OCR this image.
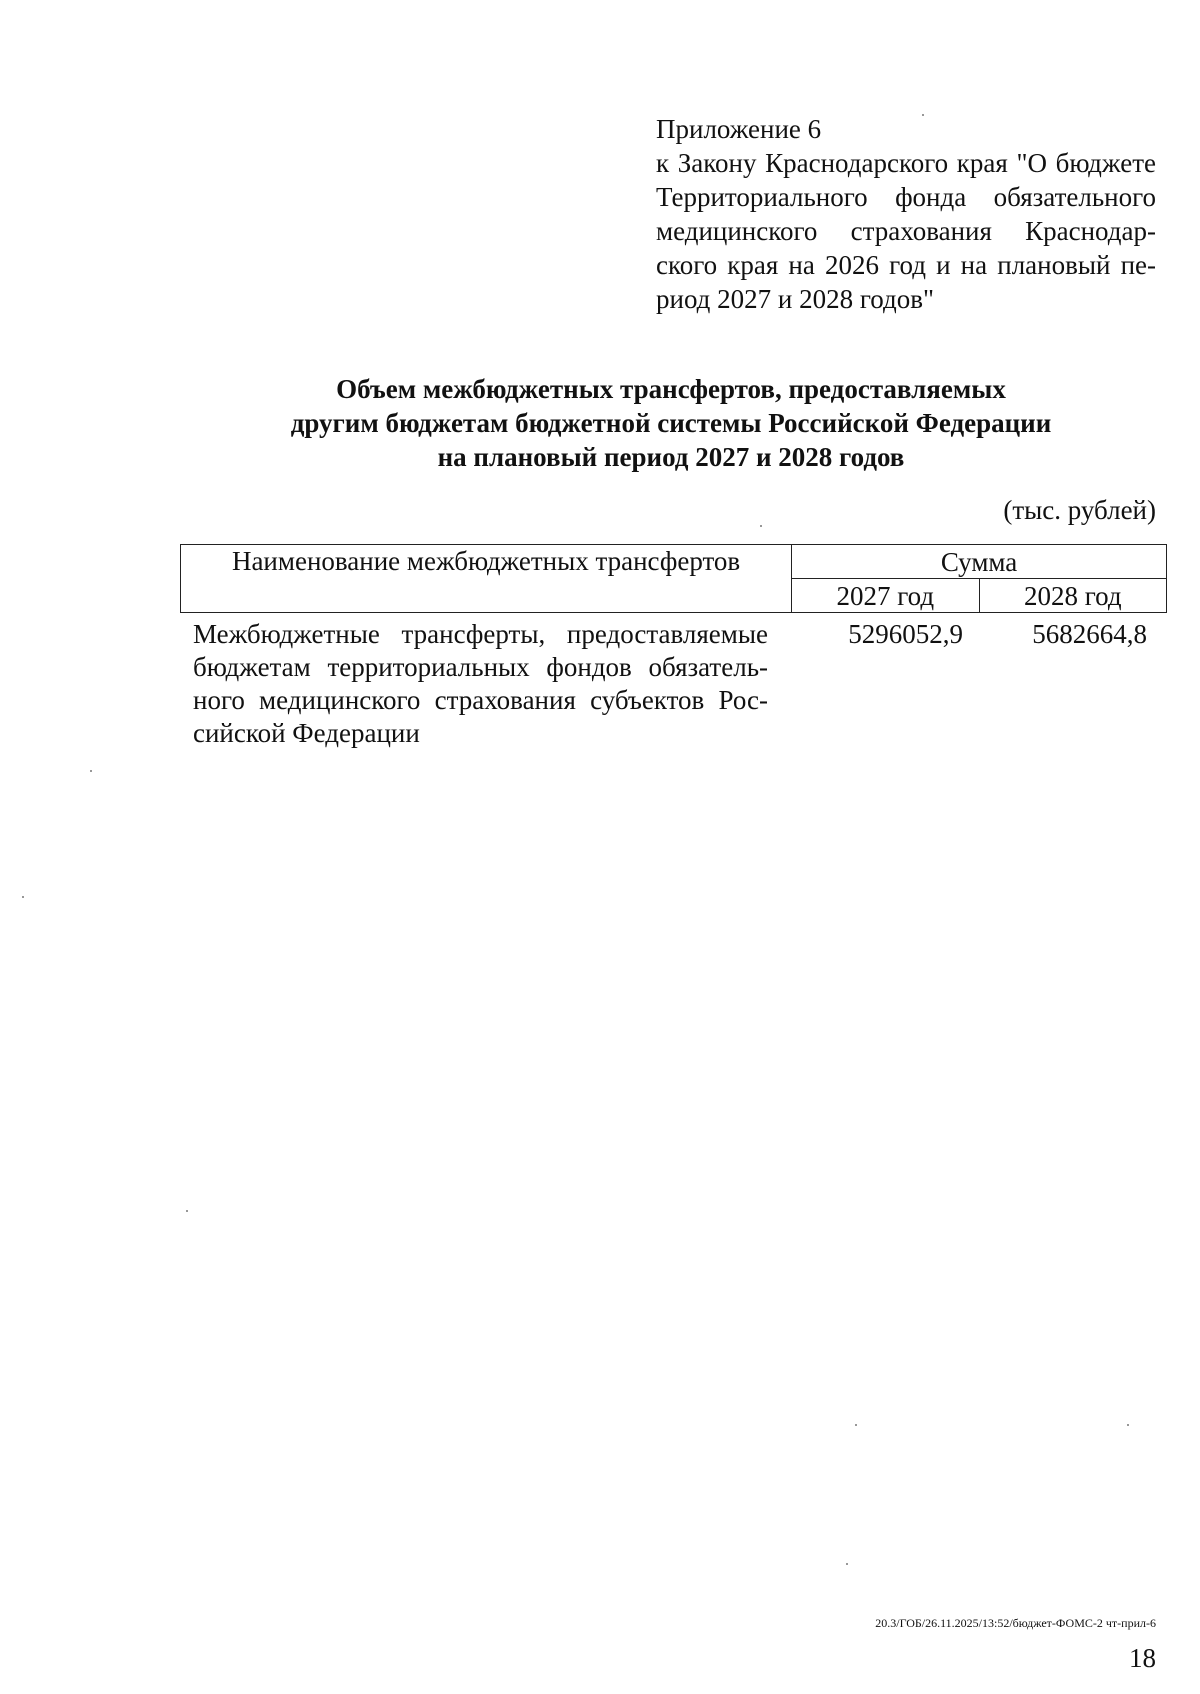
Приложение 6
к Закону Краснодарского края "О бюджете
Территориального фонда обязательного
медицинского страхования Краснодар-
ского края на 2026 год и на плановый пе-
риод 2027 и 2028 годов"
Объем межбюджетных трансфертов, предоставляемых
другим бюджетам бюджетной системы Российской Федерации
на плановый период 2027 и 2028 годов
(тыс. рублей)
Наименование межбюджетных трансфертов	Сумма	
	2027 год	2028 год
Межбюджетные трансферты, предоставляемые
бюджетам территориальных фондов обязатель-
ного медицинского страхования субъектов Рос-
сийской Федерации
5296052,9	5682664,8
20.3/ГОБ/26.11.2025/13:52/бюджет-ФОМС-2 чт-прил-6
18
